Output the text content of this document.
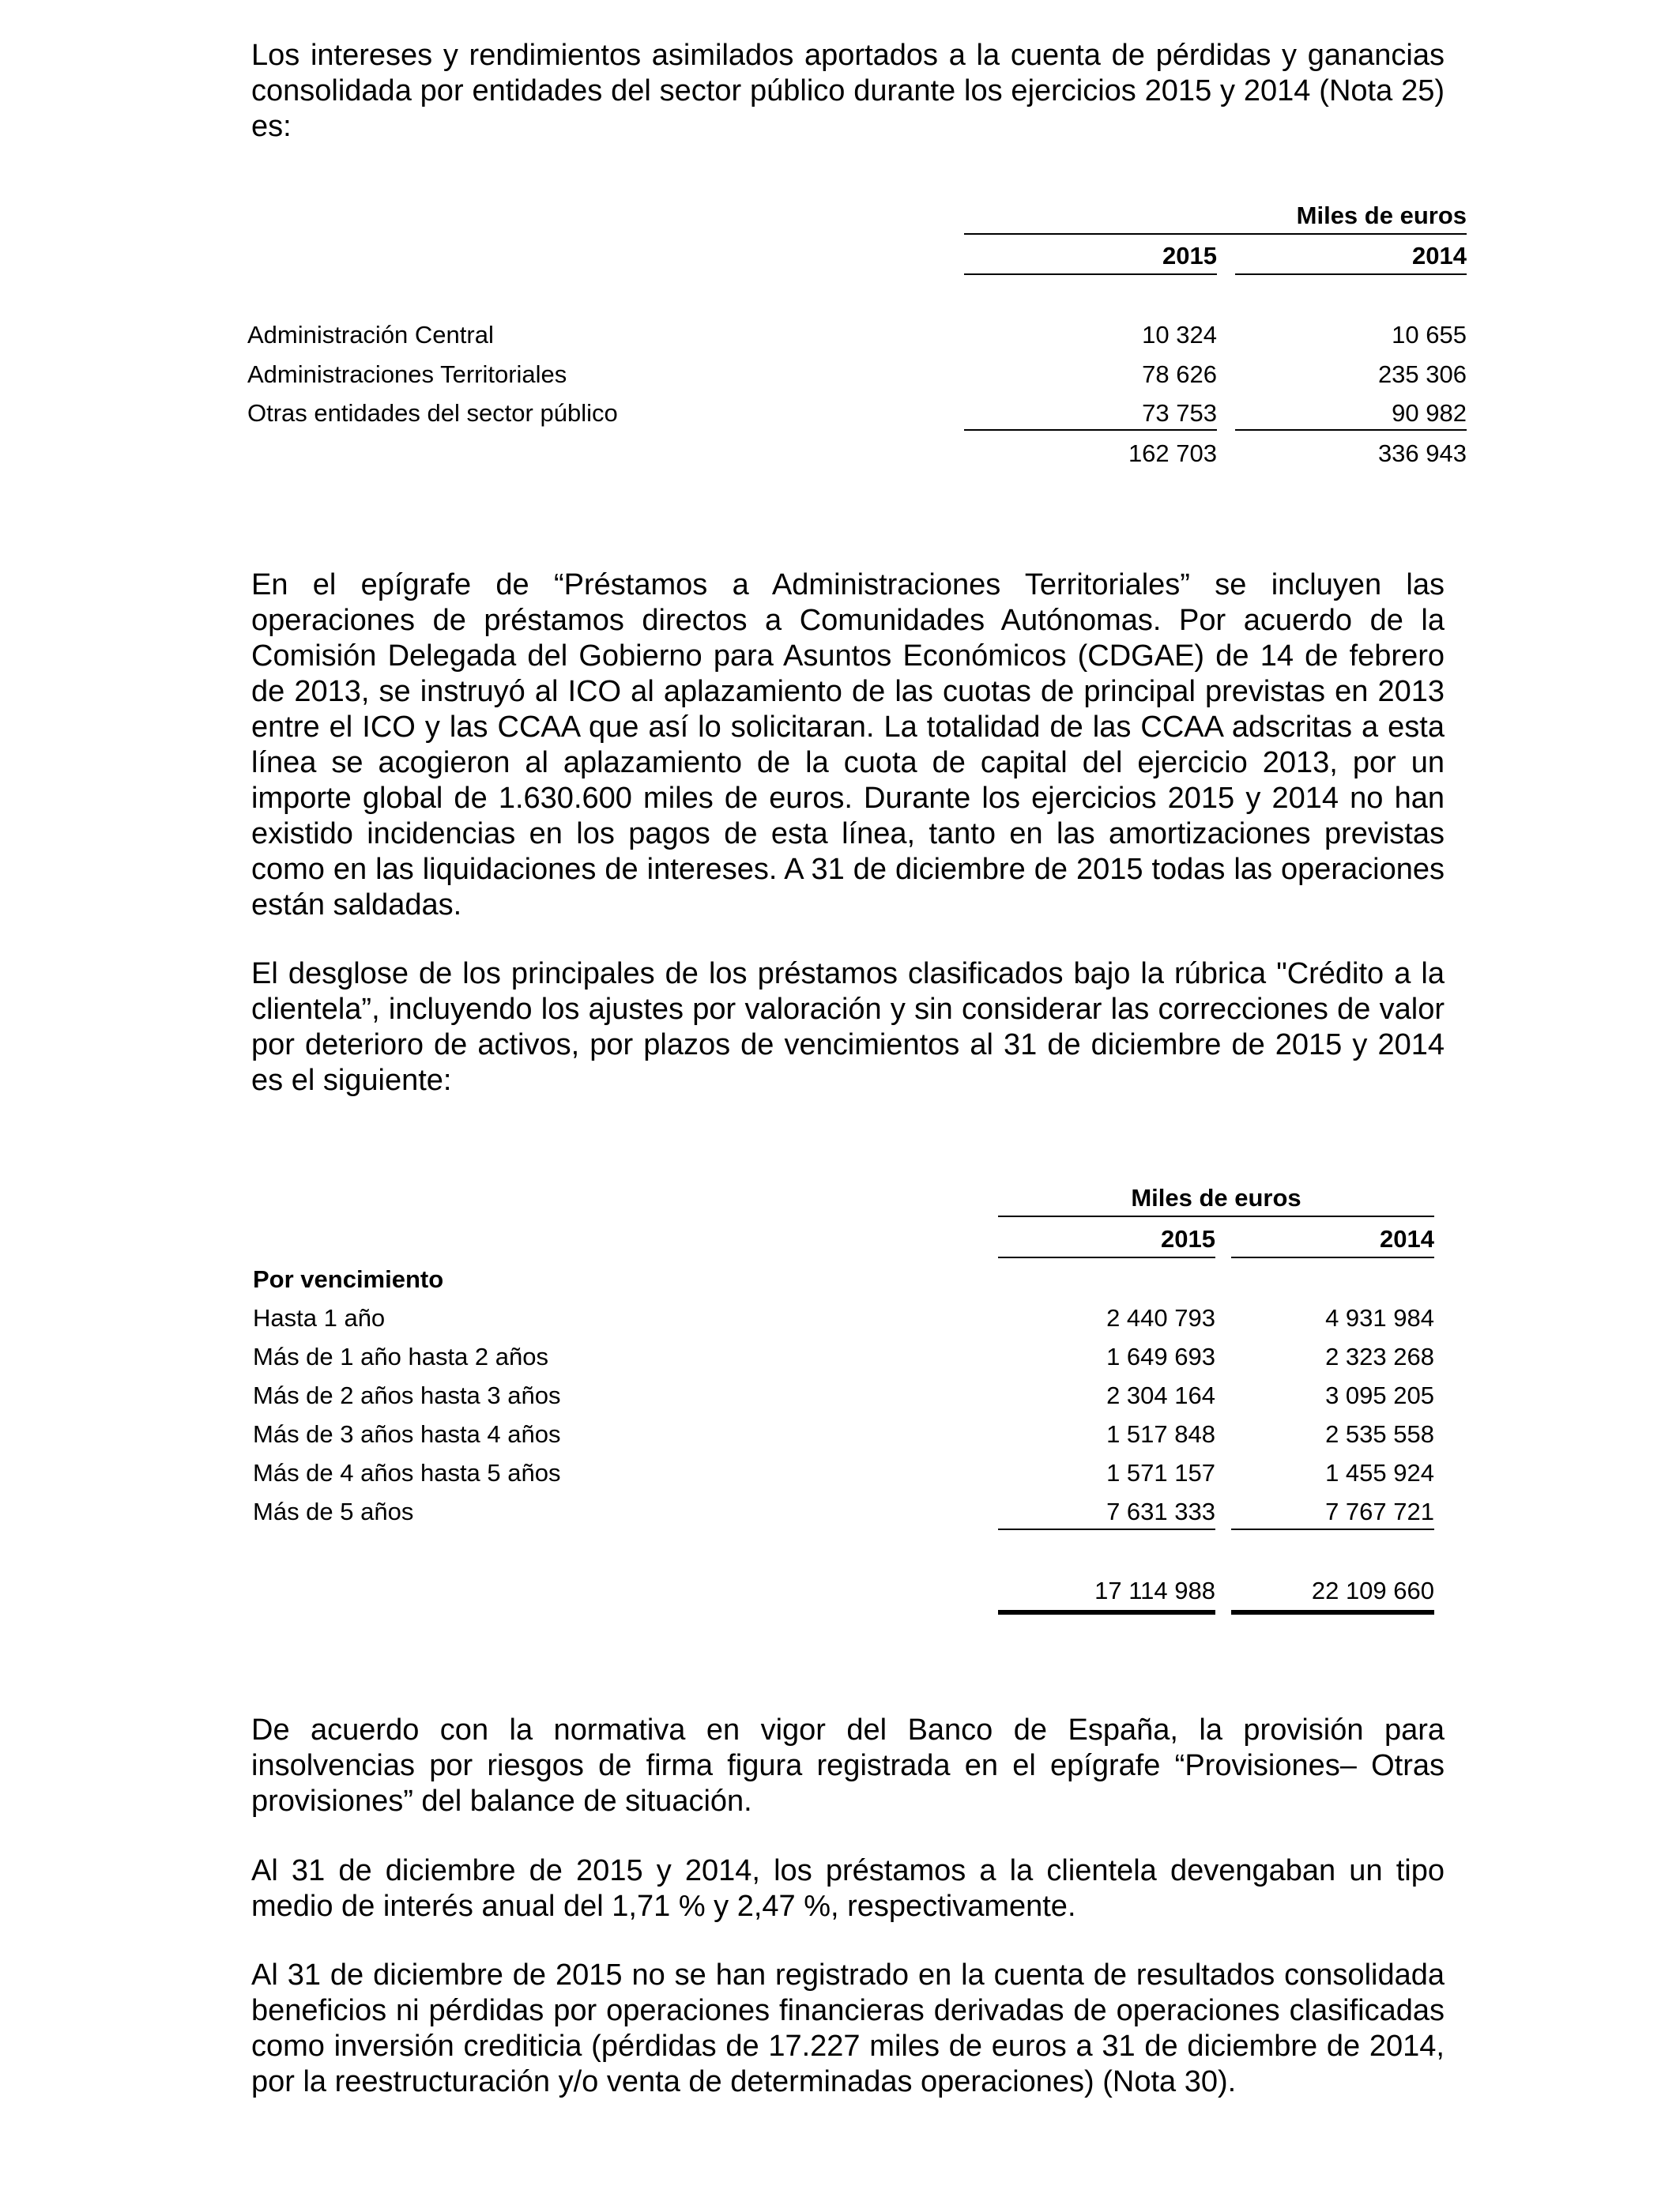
Los intereses y rendimientos asimilados aportados a la cuenta de pérdidas y ganancias consolidada por entidades del sector público durante los ejercicios 2015 y 2014 (Nota 25) es:

Miles de euros
2015	2014
Administración Central	10 324	10 655
Administraciones Territoriales	78 626	235 306
Otras entidades del sector público	73 753	90 982
162 703	336 943

En el epígrafe de “Préstamos a Administraciones Territoriales” se incluyen las operaciones de préstamos directos a Comunidades Autónomas. Por acuerdo de la Comisión Delegada del Gobierno para Asuntos Económicos (CDGAE) de 14 de febrero de 2013, se instruyó al ICO al aplazamiento de las cuotas de principal previstas en 2013 entre el ICO y las CCAA que así lo solicitaran. La totalidad de las CCAA adscritas a esta línea se acogieron al aplazamiento de la cuota de capital del ejercicio 2013, por un importe global de 1.630.600 miles de euros. Durante los ejercicios 2015 y 2014 no han existido incidencias en los pagos de esta línea, tanto en las amortizaciones previstas como en las liquidaciones de intereses. A 31 de diciembre de 2015 todas las operaciones están saldadas.

El desglose de los principales de los préstamos clasificados bajo la rúbrica "Crédito a la clientela”, incluyendo los ajustes por valoración y sin considerar las correcciones de valor por deterioro de activos, por plazos de vencimientos al 31 de diciembre de 2015 y 2014 es el siguiente:

Miles de euros
2015	2014
Por vencimiento
Hasta 1 año	2 440 793	4 931 984
Más de 1 año hasta 2 años	1 649 693	2 323 268
Más de 2 años hasta 3 años	2 304 164	3 095 205
Más de 3 años hasta 4 años	1 517 848	2 535 558
Más de 4 años hasta 5 años	1 571 157	1 455 924
Más de 5 años	7 631 333	7 767 721
17 114 988	22 109 660

De acuerdo con la normativa en vigor del Banco de España, la provisión para insolvencias por riesgos de firma figura registrada en el epígrafe “Provisiones– Otras provisiones” del balance de situación.

Al 31 de diciembre de 2015 y 2014, los préstamos a la clientela devengaban un tipo medio de interés anual del 1,71 % y 2,47 %, respectivamente.

Al 31 de diciembre de 2015 no se han registrado en la cuenta de resultados consolidada beneficios ni pérdidas por operaciones financieras derivadas de operaciones clasificadas como inversión crediticia (pérdidas de 17.227 miles de euros a 31 de diciembre de 2014, por la reestructuración y/o venta de determinadas operaciones) (Nota 30).
